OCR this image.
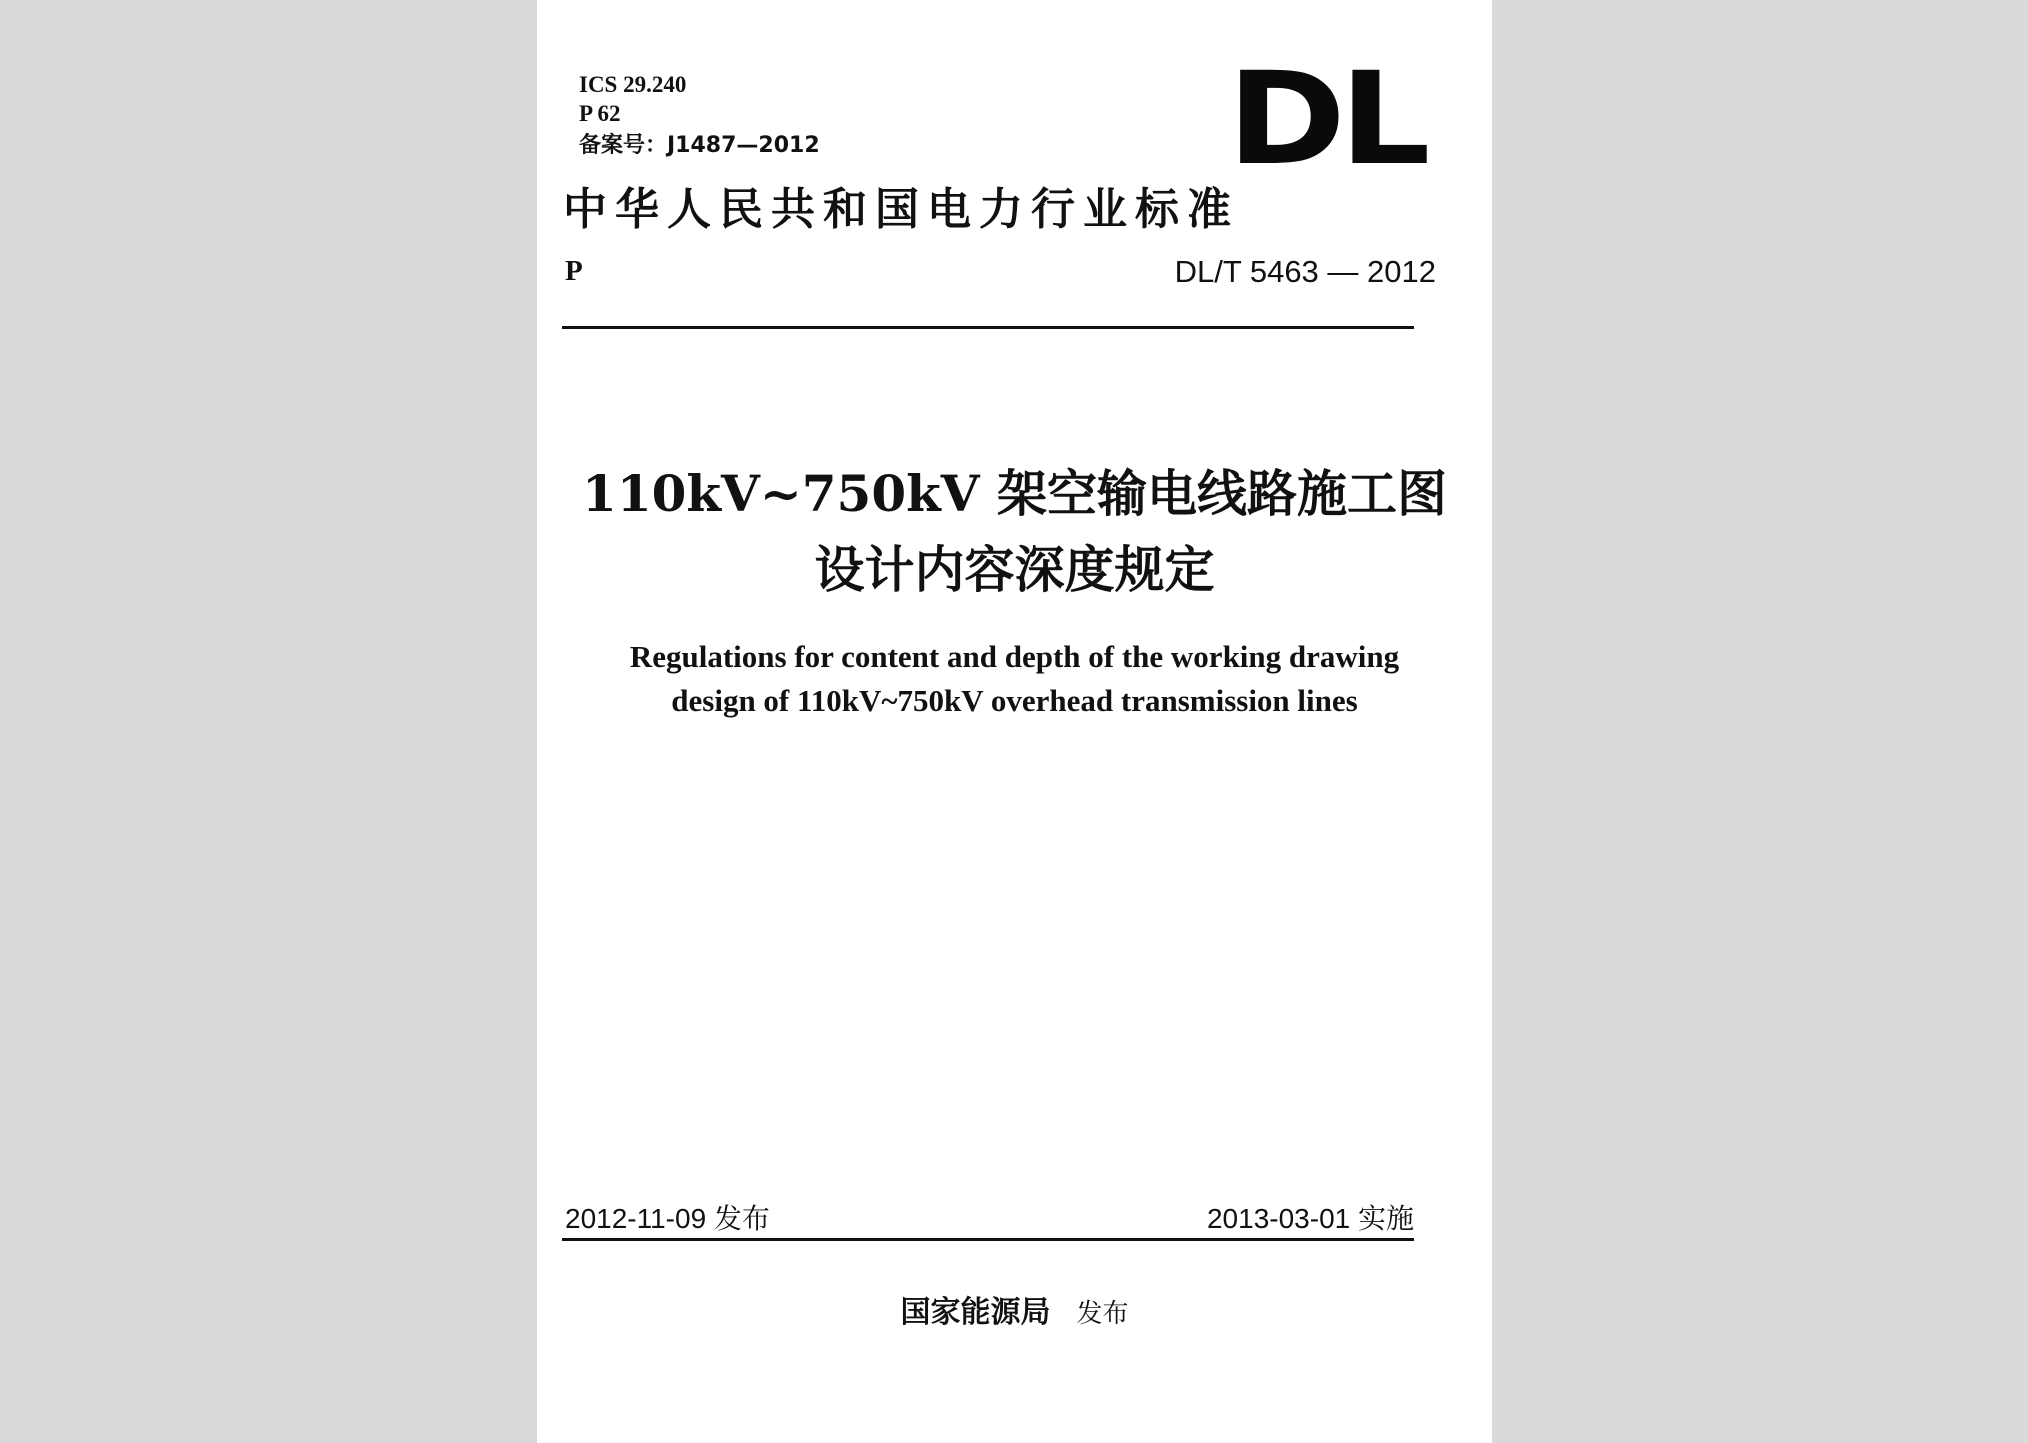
ICS 29.240
P 62
备案号：J1487—2012	DL
中华人民共和国电力行业标准
P	DL/T 5463 — 2012
110kV~750kV 架空输电线路施工图
设计内容深度规定
Regulations for content and depth of the working drawing
design of 110kV~750kV overhead transmission lines
2012-11-09 发布	2013-03-01 实施
国家能源局 发布
